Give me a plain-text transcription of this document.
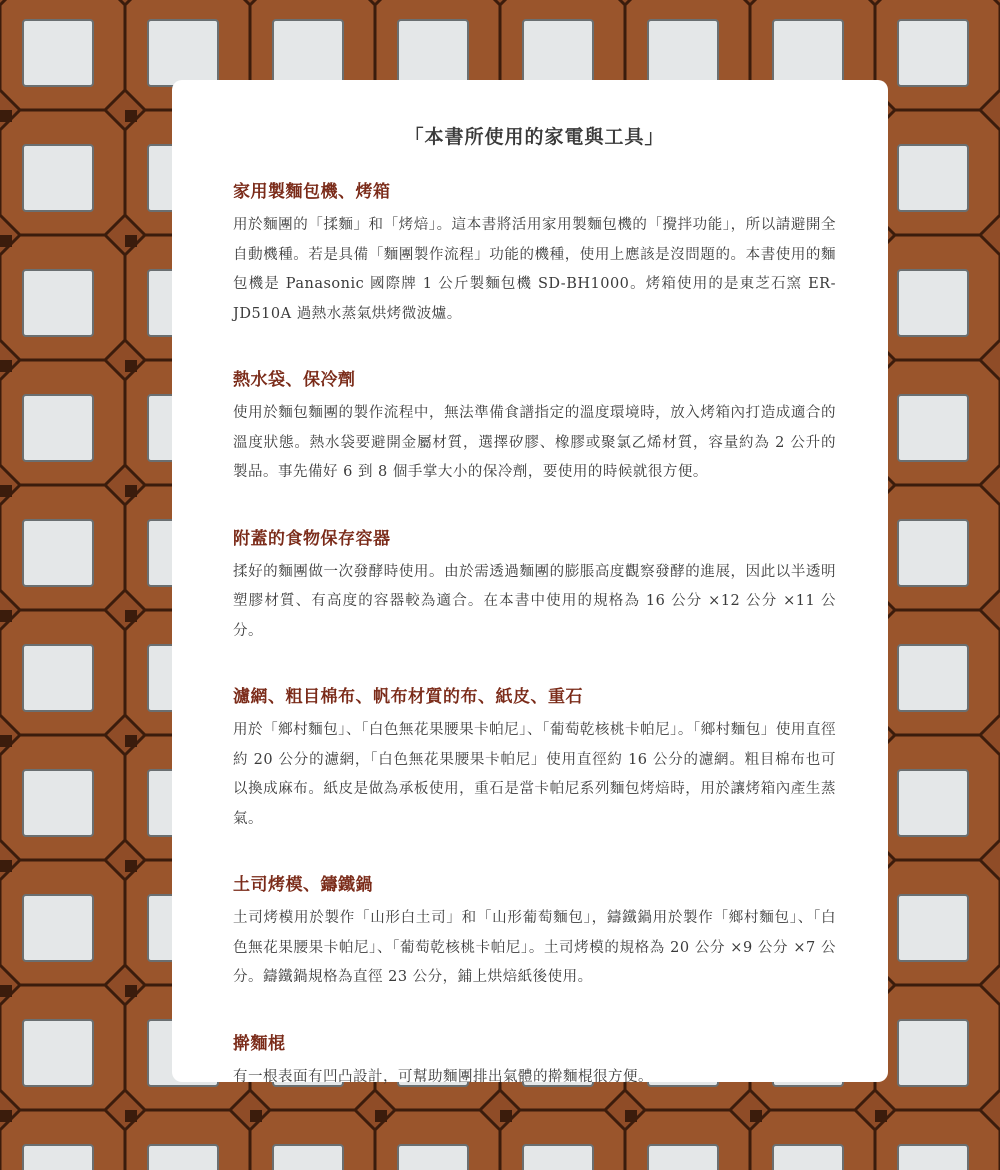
「本書所使用的家電與工具」
家用製麵包機、烤箱

用於麵團的「揉麵」和「烤焙」。這本書將活用家用製麵包機的「攪拌功能」，所以請避開全自動機種。若是具備「麵團製作流程」功能的機種，使用上應該是沒問題的。本書使用的麵包機是 Panasonic 國際牌 1 公斤製麵包機 SD-BH1000。烤箱使用的是東芝石窯 ER-JD510A 過熱水蒸氣烘烤微波爐。

熱水袋、保冷劑

使用於麵包麵團的製作流程中，無法準備食譜指定的溫度環境時，放入烤箱內打造成適合的溫度狀態。熱水袋要避開金屬材質，選擇矽膠、橡膠或聚氯乙烯材質，容量約為 2 公升的製品。事先備好 6 到 8 個手掌大小的保冷劑，要使用的時候就很方便。

附蓋的食物保存容器

揉好的麵團做一次發酵時使用。由於需透過麵團的膨脹高度觀察發酵的進展，因此以半透明塑膠材質、有高度的容器較為適合。在本書中使用的規格為 16 公分 ×12 公分 ×11 公分。

濾網、粗目棉布、帆布材質的布、紙皮、重石

用於「鄉村麵包」、「白色無花果腰果卡帕尼」、「葡萄乾核桃卡帕尼」。「鄉村麵包」使用直徑約 20 公分的濾網，「白色無花果腰果卡帕尼」使用直徑約 16 公分的濾網。粗目棉布也可以換成麻布。紙皮是做為承板使用，重石是當卡帕尼系列麵包烤焙時，用於讓烤箱內產生蒸氣。

土司烤模、鑄鐵鍋

土司烤模用於製作「山形白土司」和「山形葡萄麵包」，鑄鐵鍋用於製作「鄉村麵包」、「白色無花果腰果卡帕尼」、「葡萄乾核桃卡帕尼」。土司烤模的規格為 20 公分 ×9 公分 ×7 公分。鑄鐵鍋規格為直徑 23 公分，鋪上烘焙紙後使用。

擀麵棍

有一根表面有凹凸設計，可幫助麵團排出氣體的擀麵棍很方便。
